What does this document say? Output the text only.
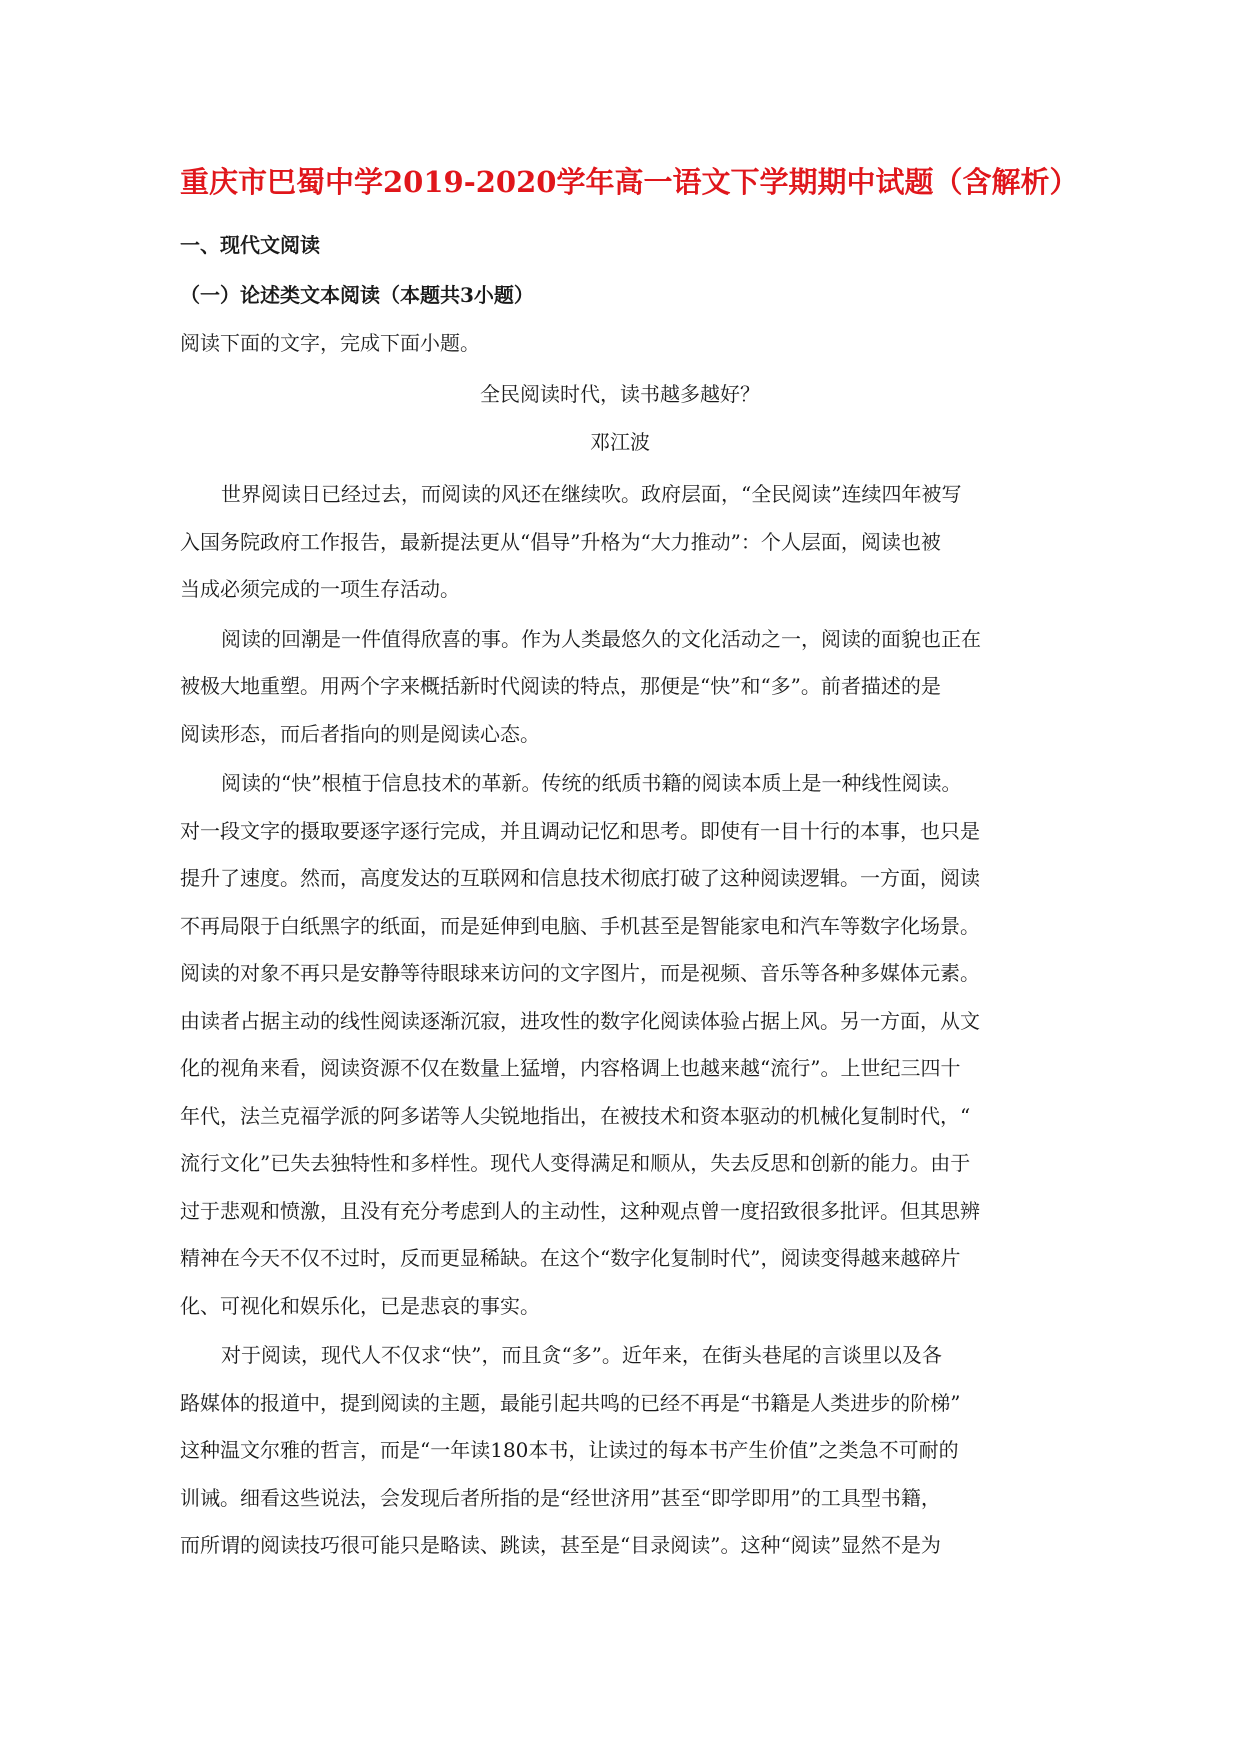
重庆市巴蜀中学2019-2020学年高一语文下学期期中试题（含解析）
一、现代文阅读
（一）论述类文本阅读（本题共3小题）
阅读下面的文字，完成下面小题。
全民阅读时代，读书越多越好？
邓江波
世界阅读日已经过去，而阅读的风还在继续吹。政府层面，“全民阅读”连续四年被写
入国务院政府工作报告，最新提法更从“倡导”升格为“大力推动”：个人层面，阅读也被
当成必须完成的一项生存活动。
阅读的回潮是一件值得欣喜的事。作为人类最悠久的文化活动之一，阅读的面貌也正在
被极大地重塑。用两个字来概括新时代阅读的特点，那便是“快”和“多”。前者描述的是
阅读形态，而后者指向的则是阅读心态。
阅读的“快”根植于信息技术的革新。传统的纸质书籍的阅读本质上是一种线性阅读。
对一段文字的摄取要逐字逐行完成，并且调动记忆和思考。即使有一目十行的本事，也只是
提升了速度。然而，高度发达的互联网和信息技术彻底打破了这种阅读逻辑。一方面，阅读
不再局限于白纸黑字的纸面，而是延伸到电脑、手机甚至是智能家电和汽车等数字化场景。
阅读的对象不再只是安静等待眼球来访问的文字图片，而是视频、音乐等各种多媒体元素。
由读者占据主动的线性阅读逐渐沉寂，进攻性的数字化阅读体验占据上风。另一方面，从文
化的视角来看，阅读资源不仅在数量上猛增，内容格调上也越来越“流行”。上世纪三四十
年代，法兰克福学派的阿多诺等人尖锐地指出，在被技术和资本驱动的机械化复制时代，“
流行文化”已失去独特性和多样性。现代人变得满足和顺从，失去反思和创新的能力。由于
过于悲观和愤激，且没有充分考虑到人的主动性，这种观点曾一度招致很多批评。但其思辨
精神在今天不仅不过时，反而更显稀缺。在这个“数字化复制时代”，阅读变得越来越碎片
化、可视化和娱乐化，已是悲哀的事实。
对于阅读，现代人不仅求“快”，而且贪“多”。近年来，在街头巷尾的言谈里以及各
路媒体的报道中，提到阅读的主题，最能引起共鸣的已经不再是“书籍是人类进步的阶梯”
这种温文尔雅的哲言，而是“一年读180本书，让读过的每本书产生价值”之类急不可耐的
训诫。细看这些说法，会发现后者所指的是“经世济用”甚至“即学即用”的工具型书籍，
而所谓的阅读技巧很可能只是略读、跳读，甚至是“目录阅读”。这种“阅读”显然不是为
